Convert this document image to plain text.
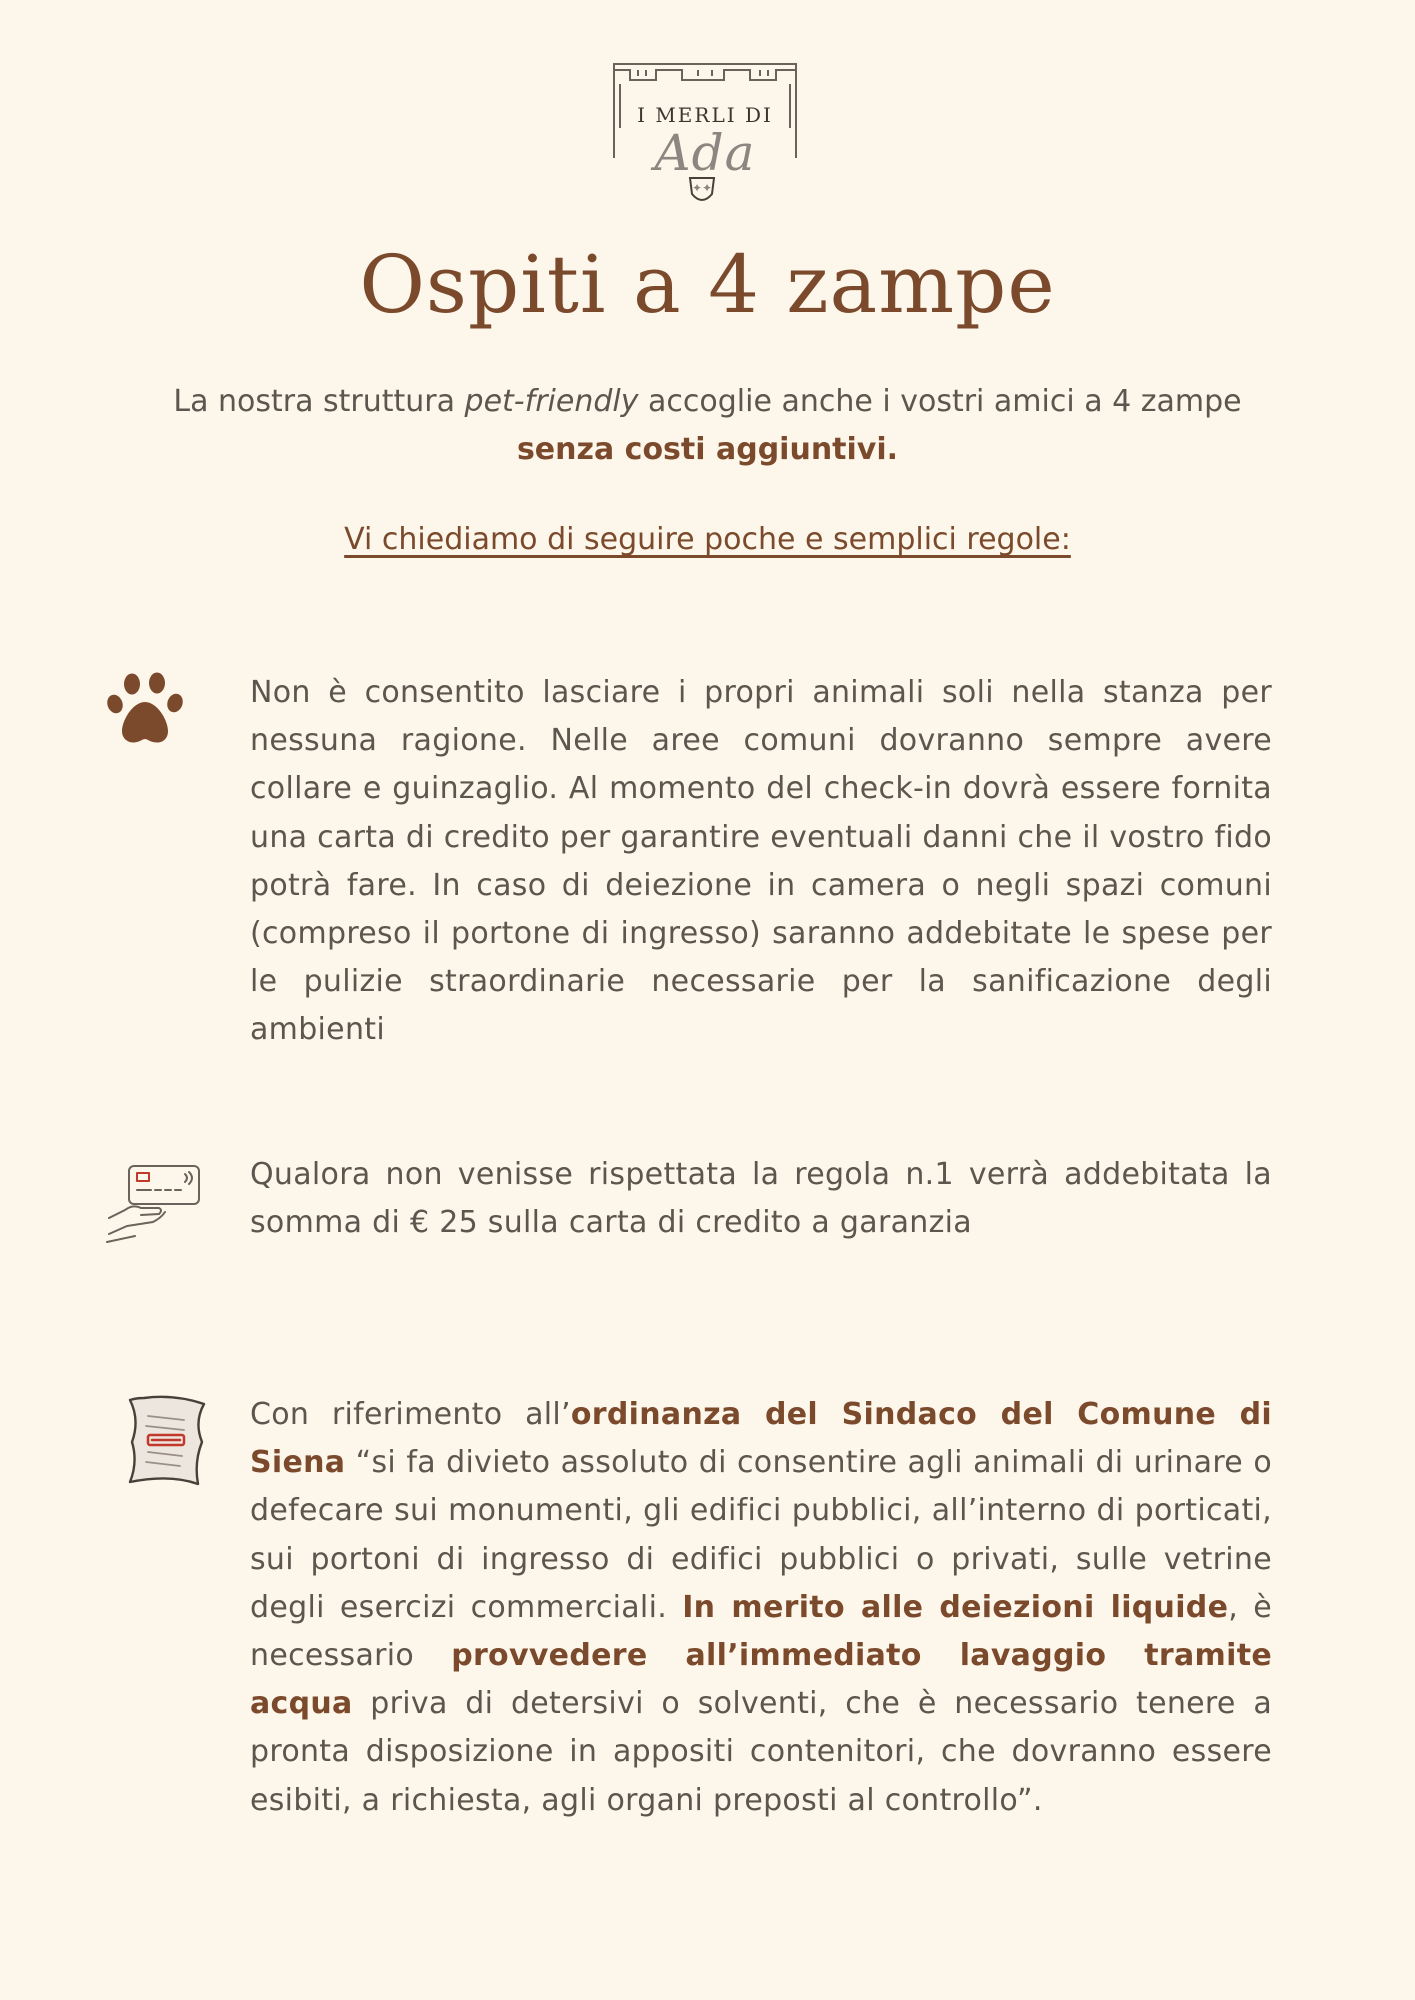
✦✦
I MERLI DI
Ada
Ospiti a 4 zampe
La nostra struttura pet-friendly accoglie anche i vostri amici a 4 zampe senza costi aggiuntivi.
Vi chiediamo di seguire poche e semplici regole:

Non è consentito lasciare i propri animali soli nella stanza per nessuna ragione. Nelle aree comuni dovranno sempre avere collare e guinzaglio. Al momento del check-in dovrà essere fornita una carta di credito per garantire eventuali danni che il vostro fido potrà fare. In caso di deiezione in camera o negli spazi comuni (compreso il portone di ingresso) saranno addebitate le spese per le pulizie straordinarie necessarie per la sanificazione degli ambienti

Qualora non venisse rispettata la regola n.1 verrà addebitata la somma di € 25 sulla carta di credito a garanzia

Con riferimento all’ordinanza del Sindaco del Comune di Siena “si fa divieto assoluto di consentire agli animali di urinare o defecare sui monumenti, gli edifici pubblici, all’interno di porticati, sui portoni di ingresso di edifici pubblici o privati, sulle vetrine degli esercizi commerciali. In merito alle deiezioni liquide, è necessario provvedere all’immediato lavaggio tramite acqua priva di detersivi o solventi, che è necessario tenere a pronta disposizione in appositi contenitori, che dovranno essere esibiti, a richiesta, agli organi preposti al controllo”.
